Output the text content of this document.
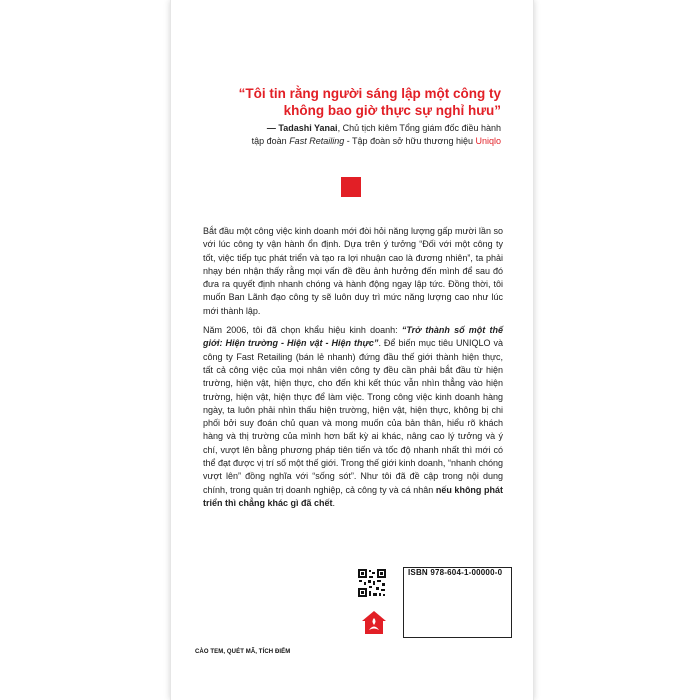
“Tôi tin rằng người sáng lập một công ty
không bao giờ thực sự nghỉ hưu”

— Tadashi Yanai, Chủ tịch kiêm Tổng giám đốc điều hành
tập đoàn Fast Retailing - Tập đoàn sở hữu thương hiệu Uniqlo

Bắt đầu một công việc kinh doanh mới đòi hỏi năng lượng gấp mười lần so với lúc công ty vận hành ổn định. Dựa trên ý tưởng “Đối với một công ty tốt, việc tiếp tục phát triển và tạo ra lợi nhuận cao là đương nhiên”, ta phải nhạy bén nhận thấy rằng mọi vấn đề đều ảnh hưởng đến mình để sau đó đưa ra quyết định nhanh chóng và hành động ngay lập tức. Đồng thời, tôi muốn Ban Lãnh đạo công ty sẽ luôn duy trì mức năng lượng cao như lúc mới thành lập.

Năm 2006, tôi đã chọn khẩu hiệu kinh doanh: “Trở thành số một thế giới: Hiện trường - Hiện vật - Hiện thực”. Để biến mục tiêu UNIQLO và công ty Fast Retailing (bán lẻ nhanh) đứng đầu thế giới thành hiện thực, tất cả công việc của mọi nhân viên công ty đều cần phải bắt đầu từ hiện trường, hiện vật, hiện thực, cho đến khi kết thúc vẫn nhìn thẳng vào hiện trường, hiện vật, hiện thực để làm việc. Trong công việc kinh doanh hàng ngày, ta luôn phải nhìn thấu hiện trường, hiện vật, hiện thực, không bị chi phối bởi suy đoán chủ quan và mong muốn của bản thân, hiểu rõ khách hàng và thị trường của mình hơn bất kỳ ai khác, nâng cao lý tưởng và ý chí, vượt lên bằng phương pháp tiên tiến và tốc độ nhanh nhất thì mới có thể đạt được vị trí số một thế giới. Trong thế giới kinh doanh, “nhanh chóng vượt lên” đồng nghĩa với “sống sót”. Như tôi đã đề cập trong nội dung chính, trong quản trị doanh nghiệp, cả công ty và cá nhân nếu không phát triển thì chẳng khác gì đã chết.

ISBN 978-604-1-00000-0
CÀO TEM, QUÉT MÃ, TÍCH ĐIỂM
